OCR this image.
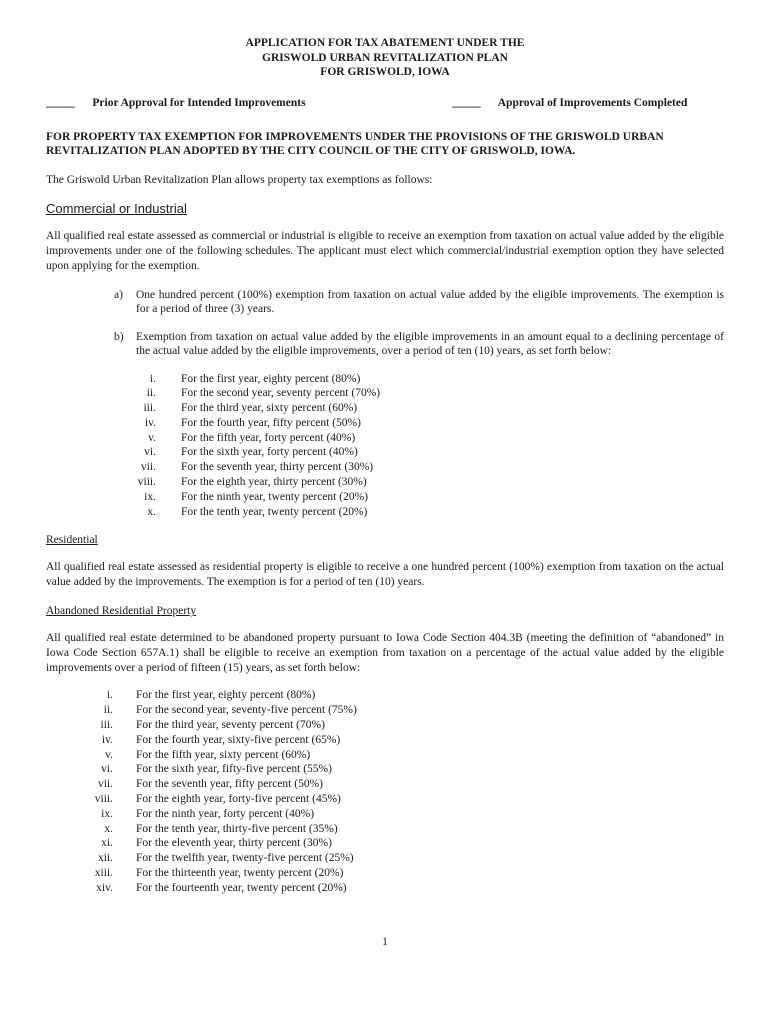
APPLICATION FOR TAX ABATEMENT UNDER THE
GRISWOLD URBAN REVITALIZATION PLAN
FOR GRISWOLD, IOWA
_____ Prior Approval for Intended Improvements	_____ Approval of Improvements Completed
FOR PROPERTY TAX EXEMPTION FOR IMPROVEMENTS UNDER THE PROVISIONS OF THE GRISWOLD URBAN REVITALIZATION PLAN ADOPTED BY THE CITY COUNCIL OF THE CITY OF GRISWOLD, IOWA.
The Griswold Urban Revitalization Plan allows property tax exemptions as follows:
Commercial or Industrial
All qualified real estate assessed as commercial or industrial is eligible to receive an exemption from taxation on actual value added by the eligible improvements under one of the following schedules. The applicant must elect which commercial/industrial exemption option they have selected upon applying for the exemption.
a) One hundred percent (100%) exemption from taxation on actual value added by the eligible improvements. The exemption is for a period of three (3) years.
b) Exemption from taxation on actual value added by the eligible improvements in an amount equal to a declining percentage of the actual value added by the eligible improvements, over a period of ten (10) years, as set forth below:
i. For the first year, eighty percent (80%)
ii. For the second year, seventy percent (70%)
iii. For the third year, sixty percent (60%)
iv. For the fourth year, fifty percent (50%)
v. For the fifth year, forty percent (40%)
vi. For the sixth year, forty percent (40%)
vii. For the seventh year, thirty percent (30%)
viii. For the eighth year, thirty percent (30%)
ix. For the ninth year, twenty percent (20%)
x. For the tenth year, twenty percent (20%)
Residential
All qualified real estate assessed as residential property is eligible to receive a one hundred percent (100%) exemption from taxation on the actual value added by the improvements. The exemption is for a period of ten (10) years.
Abandoned Residential Property
All qualified real estate determined to be abandoned property pursuant to Iowa Code Section 404.3B (meeting the definition of “abandoned” in Iowa Code Section 657A.1) shall be eligible to receive an exemption from taxation on a percentage of the actual value added by the eligible improvements over a period of fifteen (15) years, as set forth below:
i. For the first year, eighty percent (80%)
ii. For the second year, seventy-five percent (75%)
iii. For the third year, seventy percent (70%)
iv. For the fourth year, sixty-five percent (65%)
v. For the fifth year, sixty percent (60%)
vi. For the sixth year, fifty-five percent (55%)
vii. For the seventh year, fifty percent (50%)
viii. For the eighth year, forty-five percent (45%)
ix. For the ninth year, forty percent (40%)
x. For the tenth year, thirty-five percent (35%)
xi. For the eleventh year, thirty percent (30%)
xii. For the twelfth year, twenty-five percent (25%)
xiii. For the thirteenth year, twenty percent (20%)
xiv. For the fourteenth year, twenty percent (20%)
1
